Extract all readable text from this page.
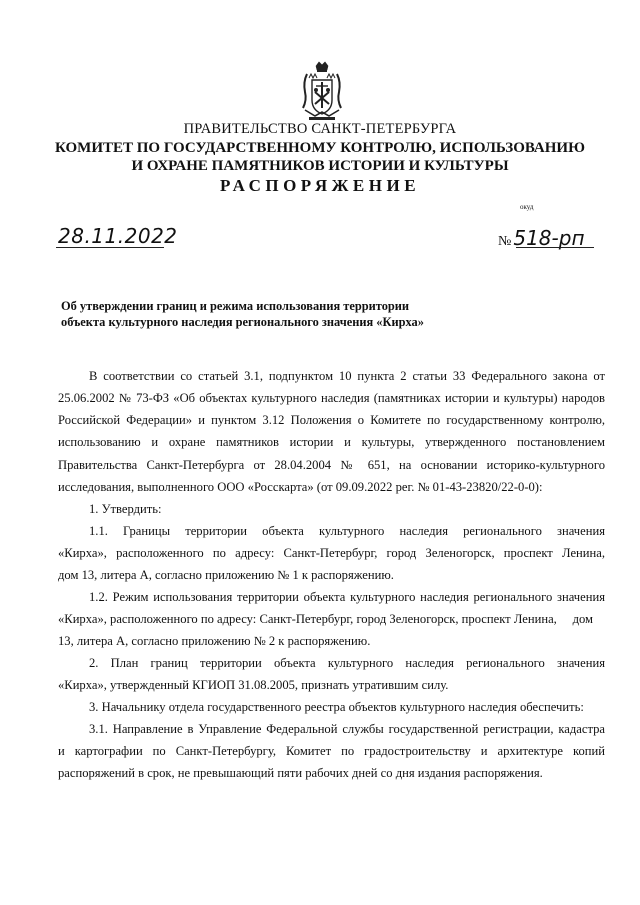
ПРАВИТЕЛЬСТВО САНКТ-ПЕТЕРБУРГА
КОМИТЕТ ПО ГОСУДАРСТВЕННОМУ КОНТРОЛЮ, ИСПОЛЬЗОВАНИЮ
И ОХРАНЕ ПАМЯТНИКОВ ИСТОРИИ И КУЛЬТУРЫ
РАСПОРЯЖЕНИЕ
окуд
28.11.2022	№ 518-рп
Об утверждении границ и режима использования территории
объекта культурного наследия регионального значения «Кирха»
В соответствии со статьей 3.1, подпунктом 10 пункта 2 статьи 33 Федерального закона от
25.06.2002 № 73-ФЗ «Об объектах культурного наследия (памятниках истории и культуры) народов
Российской Федерации» и пунктом 3.12 Положения о Комитете по государственному контролю,
использованию и охране памятников истории и культуры, утвержденного постановлением
Правительства Санкт-Петербурга от 28.04.2004 № 651, на основании историко-культурного
исследования, выполненного ООО «Росскарта» (от 09.09.2022 рег. № 01-43-23820/22-0-0):
1. Утвердить:
1.1. Границы территории объекта культурного наследия регионального значения
«Кирха», расположенного по адресу: Санкт-Петербург, город Зеленогорск, проспект Ленина,
дом 13, литера А, согласно приложению № 1 к распоряжению.
1.2. Режим использования территории объекта культурного наследия регионального значения
«Кирха», расположенного по адресу: Санкт-Петербург, город Зеленогорск, проспект Ленина,     дом
13, литера А, согласно приложению № 2 к распоряжению.
2. План границ территории объекта культурного наследия регионального значения
«Кирха», утвержденный КГИОП 31.08.2005, признать утратившим силу.
3. Начальнику отдела государственного реестра объектов культурного наследия обеспечить:
3.1. Направление в Управление Федеральной службы государственной регистрации, кадастра
и картографии по Санкт-Петербургу, Комитет по градостроительству и архитектуре копий
распоряжений в срок, не превышающий пяти рабочих дней со дня издания распоряжения.
